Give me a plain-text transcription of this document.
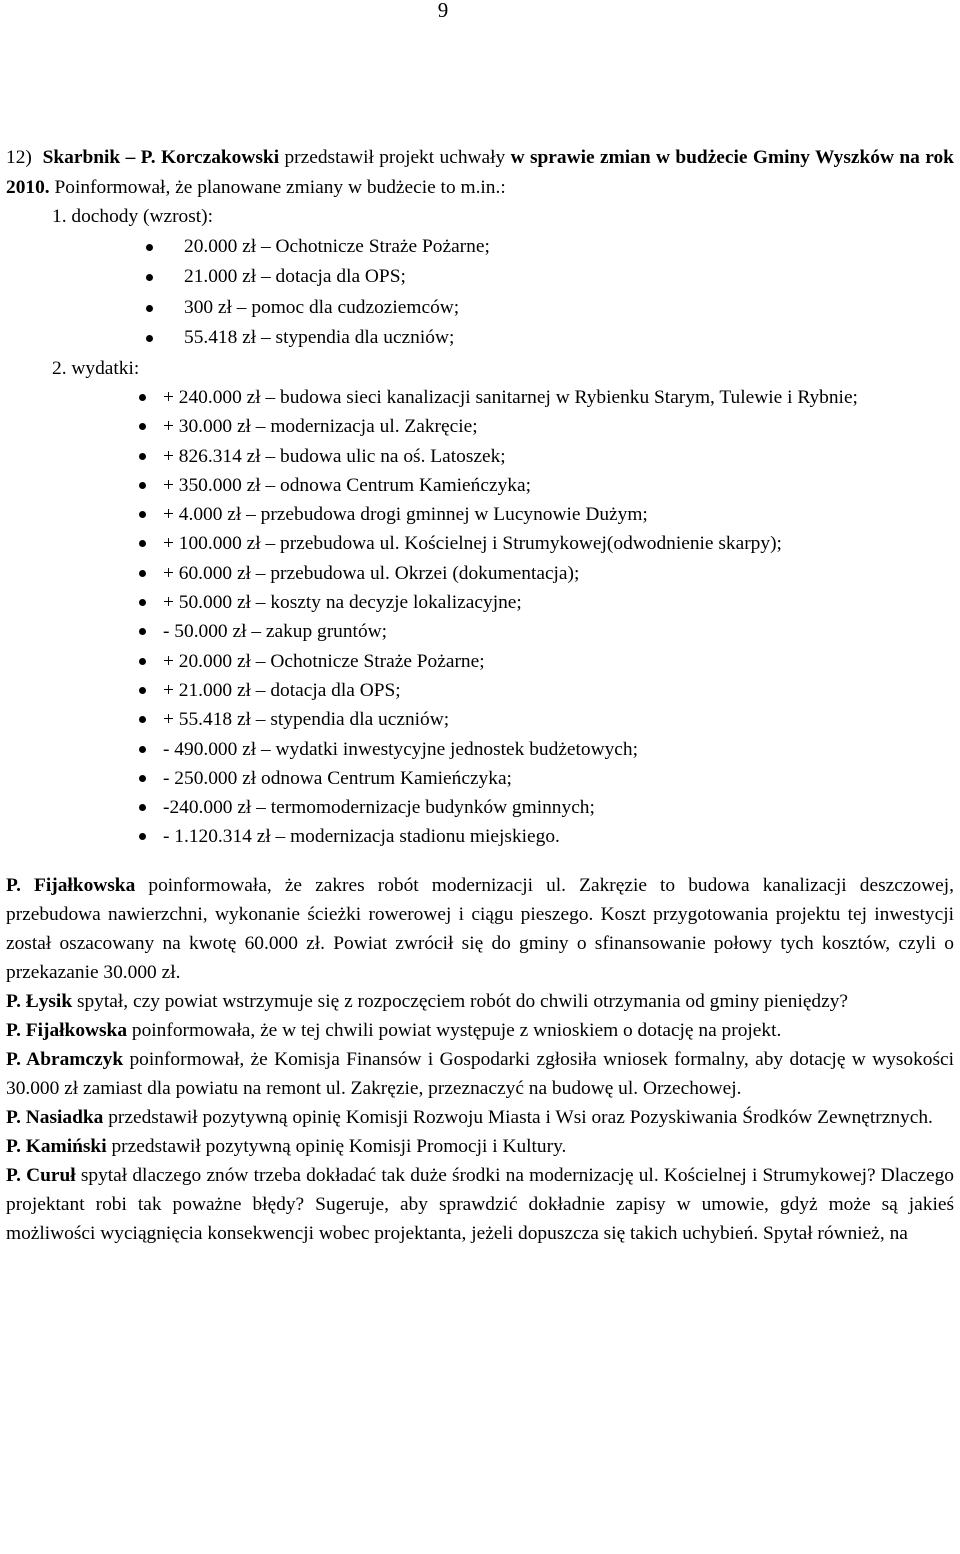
9

12) Skarbnik – P. Korczakowski przedstawił projekt uchwały w sprawie zmian w budżecie Gminy Wyszków na rok 2010. Poinformował, że planowane zmiany w budżecie to m.in.:

1. dochody (wzrost):

20.000 zł – Ochotnicze Straże Pożarne;
21.000 zł – dotacja dla OPS;
300 zł – pomoc dla cudzoziemców;
55.418 zł – stypendia dla uczniów;

2. wydatki:

+ 240.000 zł – budowa sieci kanalizacji sanitarnej w Rybienku Starym, Tulewie i Rybnie;
+ 30.000 zł – modernizacja ul. Zakręcie;
+ 826.314 zł – budowa ulic na oś. Latoszek;
+ 350.000 zł – odnowa Centrum Kamieńczyka;
+ 4.000 zł – przebudowa drogi gminnej w Lucynowie Dużym;
+ 100.000 zł – przebudowa ul. Kościelnej i Strumykowej(odwodnienie skarpy);
+ 60.000 zł – przebudowa ul. Okrzei (dokumentacja);
+ 50.000 zł – koszty na decyzje lokalizacyjne;
- 50.000 zł – zakup gruntów;
+ 20.000 zł – Ochotnicze Straże Pożarne;
+ 21.000 zł – dotacja dla OPS;
+ 55.418 zł – stypendia dla uczniów;
- 490.000 zł – wydatki inwestycyjne jednostek budżetowych;
- 250.000 zł odnowa Centrum Kamieńczyka;
-240.000 zł – termomodernizacje budynków gminnych;
- 1.120.314 zł – modernizacja stadionu miejskiego.

P. Fijałkowska poinformowała, że zakres robót modernizacji ul. Zakręzie to budowa kanalizacji deszczowej, przebudowa nawierzchni, wykonanie ścieżki rowerowej i ciągu pieszego. Koszt przygotowania projektu tej inwestycji został oszacowany na kwotę 60.000 zł. Powiat zwrócił się do gminy o sfinansowanie połowy tych kosztów, czyli o przekazanie 30.000 zł.

P. Łysik spytał, czy powiat wstrzymuje się z rozpoczęciem robót do chwili otrzymania od gminy pieniędzy?

P. Fijałkowska poinformowała, że w tej chwili powiat występuje z wnioskiem o dotację na projekt.

P. Abramczyk poinformował, że Komisja Finansów i Gospodarki zgłosiła wniosek formalny, aby dotację w wysokości 30.000 zł zamiast dla powiatu na remont ul. Zakręzie, przeznaczyć na budowę ul. Orzechowej.

P. Nasiadka przedstawił pozytywną opinię Komisji Rozwoju Miasta i Wsi oraz Pozyskiwania Środków Zewnętrznych.

P. Kamiński przedstawił pozytywną opinię Komisji Promocji i Kultury.

P. Curuł spytał dlaczego znów trzeba dokładać tak duże środki na modernizację ul. Kościelnej i Strumykowej? Dlaczego projektant robi tak poważne błędy? Sugeruje, aby sprawdzić dokładnie zapisy w umowie, gdyż może są jakieś możliwości wyciągnięcia konsekwencji wobec projektanta, jeżeli dopuszcza się takich uchybień. Spytał również, na
